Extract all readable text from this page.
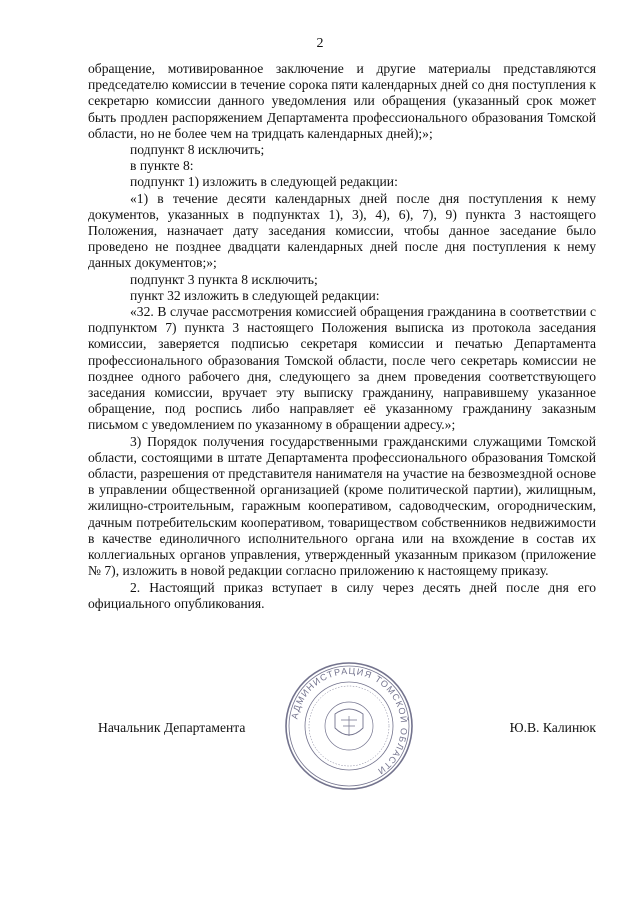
2

обращение, мотивированное заключение и другие материалы представляются председателю комиссии в течение сорока пяти календарных дней со дня поступления к секретарю комиссии данного уведомления или обращения (указанный срок может быть продлен распоряжением Департамента профессионального образования Томской области, но не более чем на тридцать календарных дней);»;

подпункт 8 исключить;

в пункте 8:

подпункт 1) изложить в следующей редакции:

«1) в течение десяти календарных дней после дня поступления к нему документов, указанных в подпунктах 1), 3), 4), 6), 7), 9) пункта 3 настоящего Положения, назначает дату заседания комиссии, чтобы данное заседание было проведено не позднее двадцати календарных дней после дня поступления к нему данных документов;»;

подпункт 3 пункта 8 исключить;

пункт 32 изложить в следующей редакции:

«32. В случае рассмотрения комиссией обращения гражданина в соответствии с подпунктом 7) пункта 3 настоящего Положения выписка из протокола заседания комиссии, заверяется подписью секретаря комиссии и печатью Департамента профессионального образования Томской области, после чего секретарь комиссии не позднее одного рабочего дня, следующего за днем проведения соответствующего заседания комиссии, вручает эту выписку гражданину, направившему указанное обращение, под роспись либо направляет её указанному гражданину заказным письмом с уведомлением по указанному в обращении адресу.»;

3) Порядок получения государственными гражданскими служащими Томской области, состоящими в штате Департамента профессионального образования Томской области, разрешения от представителя нанимателя на участие на безвозмездной основе в управлении общественной организацией (кроме политической партии), жилищным, жилищно-строительным, гаражным кооперативом, садоводческим, огородническим, дачным потребительским кооперативом, товариществом собственников недвижимости в качестве единоличного исполнительного органа или на вхождение в состав их коллегиальных органов управления, утвержденный указанным приказом (приложение № 7), изложить в новой редакции согласно приложению к настоящему приказу.

2. Настоящий приказ вступает в силу через десять дней после дня его официального опубликования.

Начальник Департамента	Ю.В. Калинюк
АДМИНИСТРАЦИЯ ТОМСКОЙ ОБЛАСТИ
